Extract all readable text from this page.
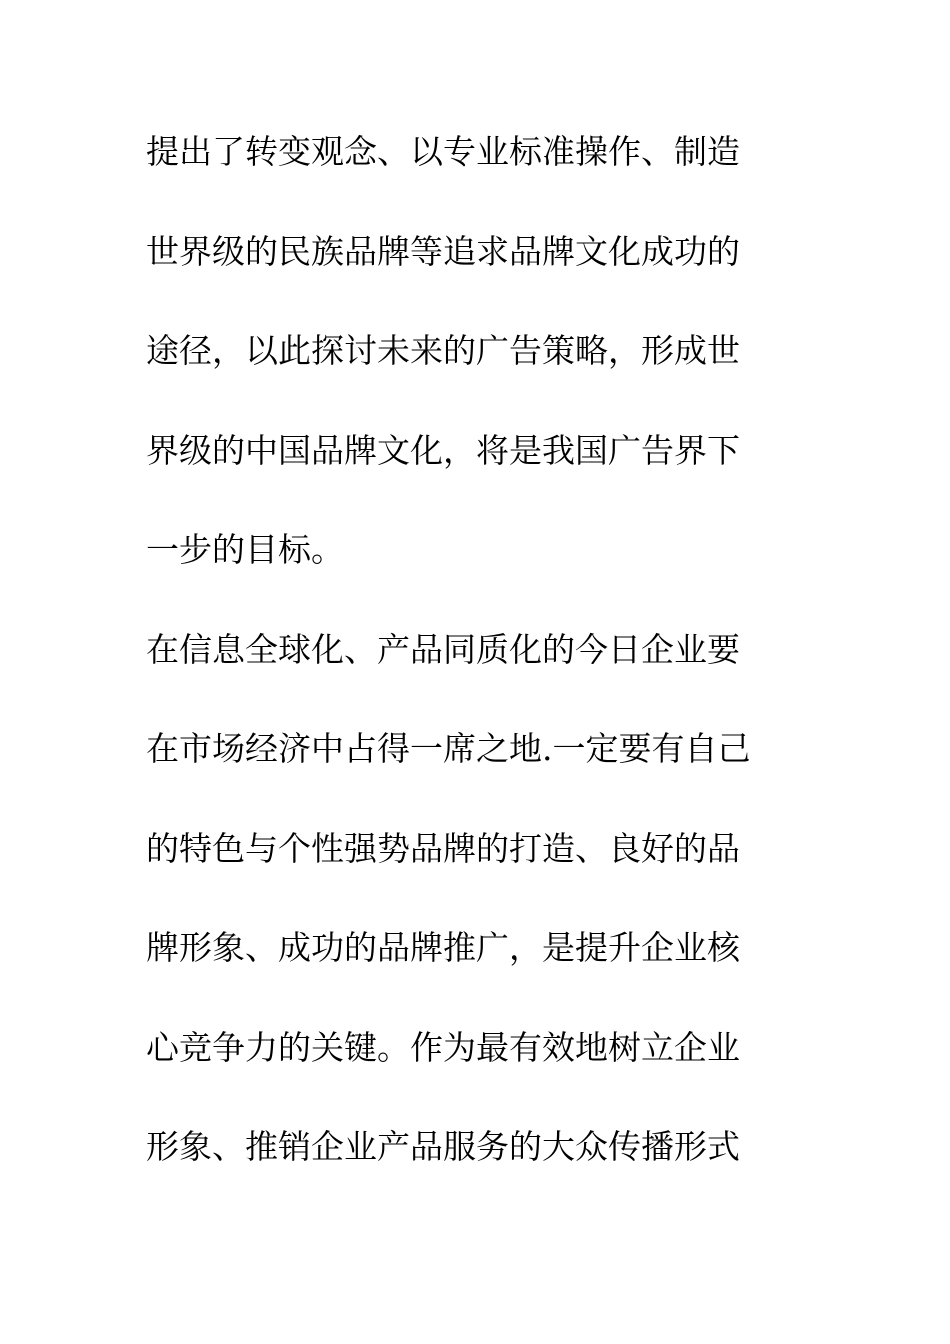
提出了转变观念、以专业标准操作、制造
世界级的民族品牌等追求品牌文化成功的
途径，以此探讨未来的广告策略，形成世
界级的中国品牌文化，将是我国广告界下
一步的目标。
在信息全球化、产品同质化的今日企业要
在市场经济中占得一席之地.一定要有自己
的特色与个性强势品牌的打造、良好的品
牌形象、成功的品牌推广，是提升企业核
心竞争力的关键。作为最有效地树立企业
形象、推销企业产品服务的大众传播形式
